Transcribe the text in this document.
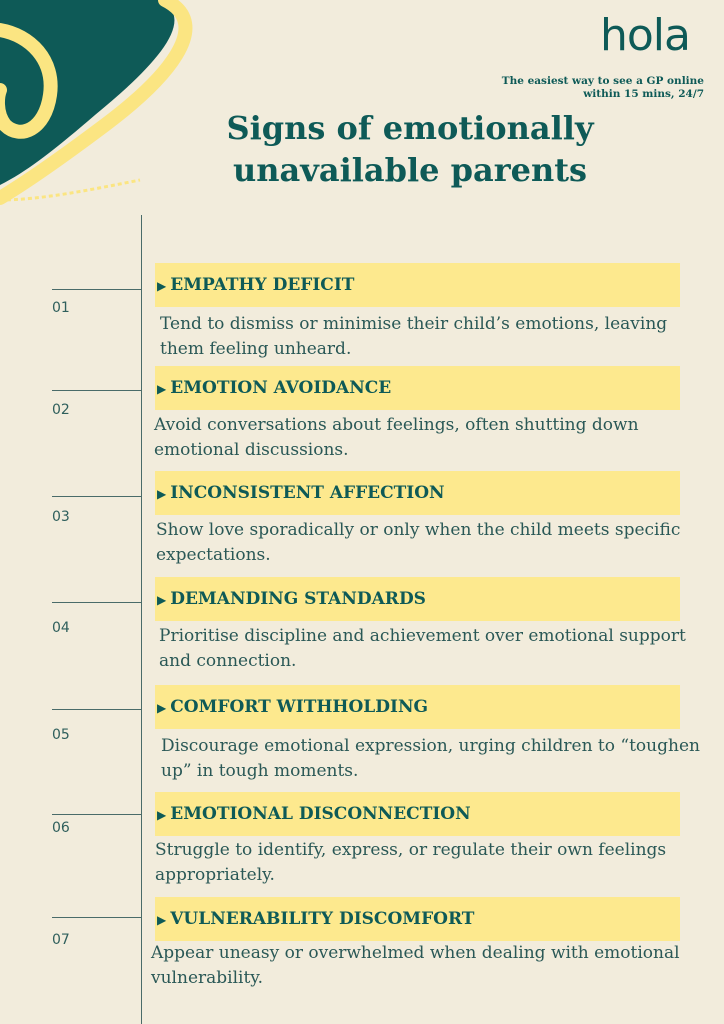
hola
The easiest way to see a GP online within 15 mins, 24/7
Signs of emotionally unavailable parents
01
▶ EMPATHY DEFICIT
Tend to dismiss or minimise their child’s emotions, leaving them feeling unheard.
02
▶ EMOTION AVOIDANCE
Avoid conversations about feelings, often shutting down emotional discussions.
03
▶ INCONSISTENT AFFECTION
Show love sporadically or only when the child meets specific expectations.
04
▶ DEMANDING STANDARDS
Prioritise discipline and achievement over emotional support and connection.
05
▶ COMFORT WITHHOLDING
Discourage emotional expression, urging children to “toughen up” in tough moments.
06
▶ EMOTIONAL DISCONNECTION
Struggle to identify, express, or regulate their own feelings appropriately.
07
▶ VULNERABILITY DISCOMFORT
Appear uneasy or overwhelmed when dealing with emotional vulnerability.
